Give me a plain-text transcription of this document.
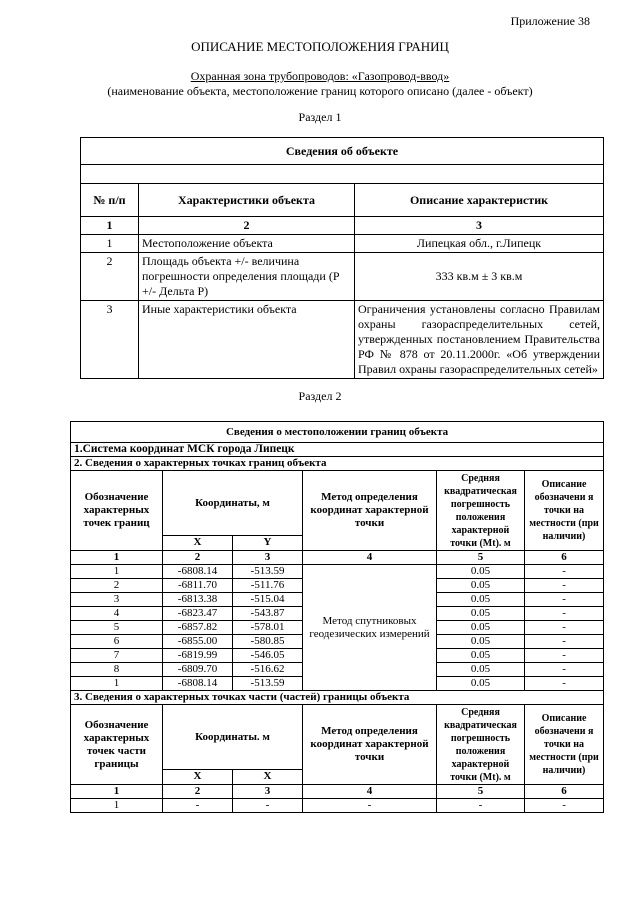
Приложение 38
ОПИСАНИЕ МЕСТОПОЛОЖЕНИЯ ГРАНИЦ
Охранная зона трубопроводов: «Газопровод-ввод»
(наименование объекта, местоположение границ которого описано (далее - объект)
Раздел 1
Сведения об объекте		

№ п/п	Характеристики объекта	Описание характеристик
1	2	3
1	Местоположение объекта	Липецкая обл., г.Липецк
2	Площадь объекта +/- величина погрешности определения площади (Р +/- Дельта Р)	333 кв.м ± 3 кв.м
3	Иные характеристики объекта	Ограничения установлены согласно Правилам охраны газораспределительных сетей, утвержденных постановлением Правительства РФ № 878 от 20.11.2000г. «Об утверждении Правил охраны газораспределительных сетей»
Раздел 2
Сведения о местоположении границ объекта					
1.Система координат МСК города Липецк					
2. Сведения о характерных точках границ объекта					
Обозначение характерных точек границ	Координаты, м		Метод определения координат характерной точки	Средняя квадратическая погрешность положения характерной точки (Mt). м	Описание обозначени я точки на местности (при наличии)
	X	Y			
1	2	3	4	5	6
1	-6808.14	-513.59	Метод спутниковых геодезических измерений	0.05	-
2	-6811.70	-511.76		0.05	-
3	-6813.38	-515.04		0.05	-
4	-6823.47	-543.87		0.05	-
5	-6857.82	-578.01		0.05	-
6	-6855.00	-580.85		0.05	-
7	-6819.99	-546.05		0.05	-
8	-6809.70	-516.62		0.05	-
1	-6808.14	-513.59		0.05	-
3. Сведения о характерных точках части (частей) границы объекта					
Обозначение характерных точек части границы	Координаты. м		Метод определения координат характерной точки	Средняя квадратическая погрешность положения характерной точки (Mt). м	Описание обозначени я точки на местности (при наличии)
	X	X			
1	2	3	4	5	6
1	-	-	-	-	-
